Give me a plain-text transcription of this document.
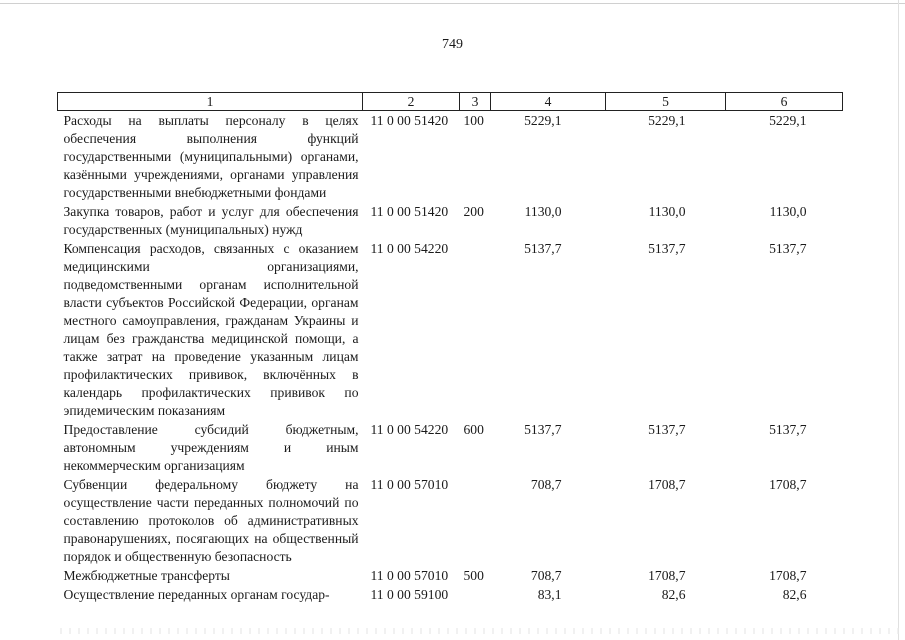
749
1	2	3	4	5	6
Расходы на выплаты персоналу в целях обеспечения выполнения функций государственными (муниципальными) органами, казёнными учреждениями, органами управления государственными внебюджетными фондами	11 0 00 51420	100	5229,1	5229,1	5229,1
Закупка товаров, работ и услуг для обеспечения государственных (муниципальных) нужд	11 0 00 51420	200	1130,0	1130,0	1130,0
Компенсация расходов, связанных с оказанием медицинскими организациями, подведомственными органам исполнительной власти субъектов Российской Федерации, органам местного самоуправления, гражданам Украины и лицам без гражданства медицинской помощи, а также затрат на проведение указанным лицам профилактических прививок, включённых в календарь профилактических прививок по эпидемическим показаниям	11 0 00 54220		5137,7	5137,7	5137,7
Предоставление субсидий бюджетным, автономным учреждениям и иным некоммерческим организациям	11 0 00 54220	600	5137,7	5137,7	5137,7
Субвенции федеральному бюджету на осуществление части переданных полномочий по составлению протоколов об административных правонарушениях, посягающих на общественный порядок и общественную безопасность	11 0 00 57010		708,7	1708,7	1708,7
Межбюджетные трансферты	11 0 00 57010	500	708,7	1708,7	1708,7
Осуществление переданных органам государ-	11 0 00 59100		83,1	82,6	82,6
